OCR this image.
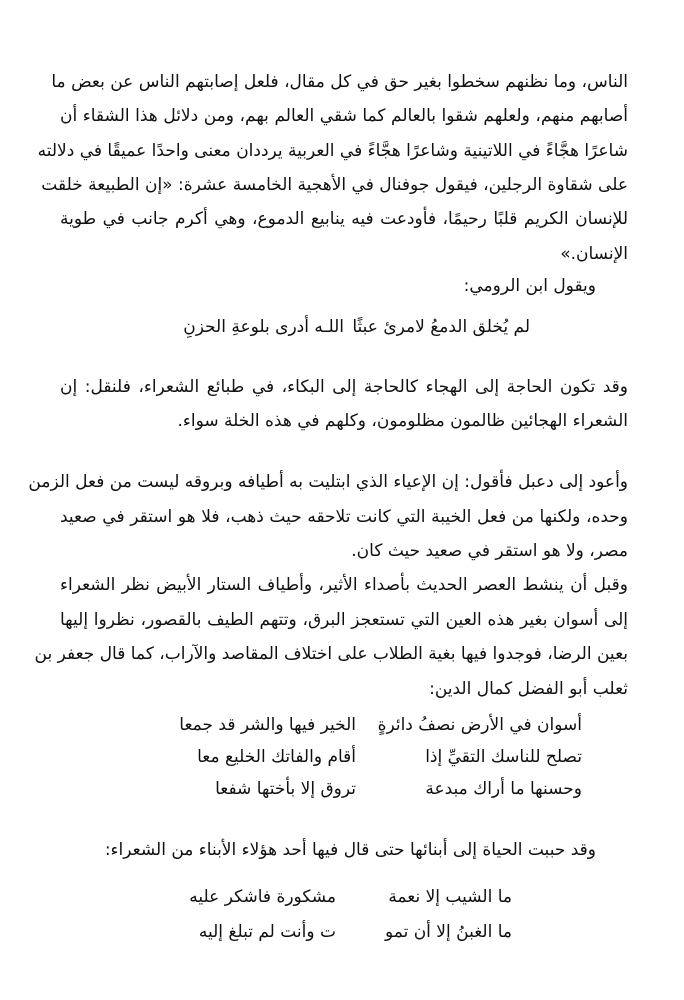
الناس، وما نظنهم سخطوا بغير حق في كل مقال، فلعل إصابتهم الناس عن بعض ما
أصابهم منهم، ولعلهم شقوا بالعالم كما شقي العالم بهم، ومن دلائل هذا الشقاء أن
شاعرًا هجَّاءً في اللاتينية وشاعرًا هجَّاءً في العربية يرددان معنى واحدًا عميقًا في دلالته
على شقاوة الرجلين، فيقول جوفنال في الأهجية الخامسة عشرة: «إن الطبيعة خلقت
للإنسان الكريم قلبًا رحيمًا، فأودعت فيه ينابيع الدموع، وهي أكرم جانب في طوية
الإنسان.»
ويقول ابن الرومي:
لم يُخلق الدمعُ لامرئ عبثًا
اللـه أدرى بلوعةِ الحزنِ
وقد تكون الحاجة إلى الهجاء كالحاجة إلى البكاء، في طبائع الشعراء، فلنقل: إن
الشعراء الهجائين ظالمون مظلومون، وكلهم في هذه الخلة سواء.
وأعود إلى دعبل فأقول: إن الإعياء الذي ابتليت به أطيافه وبروقه ليست من فعل الزمن
وحده، ولكنها من فعل الخيبة التي كانت تلاحقه حيث ذهب، فلا هو استقر في صعيد
مصر، ولا هو استقر في صعيد حيث كان.
وقبل أن ينشط العصر الحديث بأصداء الأثير، وأطياف الستار الأبيض نظر الشعراء
إلى أسوان بغير هذه العين التي تستعجز البرق، وتتهم الطيف بالقصور، نظروا إليها
بعين الرضا، فوجدوا فيها بغية الطلاب على اختلاف المقاصد والآراب، كما قال جعفر بن
ثعلب أبو الفضل كمال الدين:
أسوان في الأرض نصفُ دائرةٍ
الخير فيها والشر قد جمعا
تصلح للناسك التقيِّ إذا
أقام والفاتك الخليع معا
وحسنها ما أراك مبدعة
تروق إلا بأختها شفعا
وقد حببت الحياة إلى أبنائها حتى قال فيها أحد هؤلاء الأبناء من الشعراء:
ما الشيب إلا نعمة
مشكورة فاشكر عليه
ما الغبنُ إلا أن تمو
ت وأنت لم تبلغ إليه
